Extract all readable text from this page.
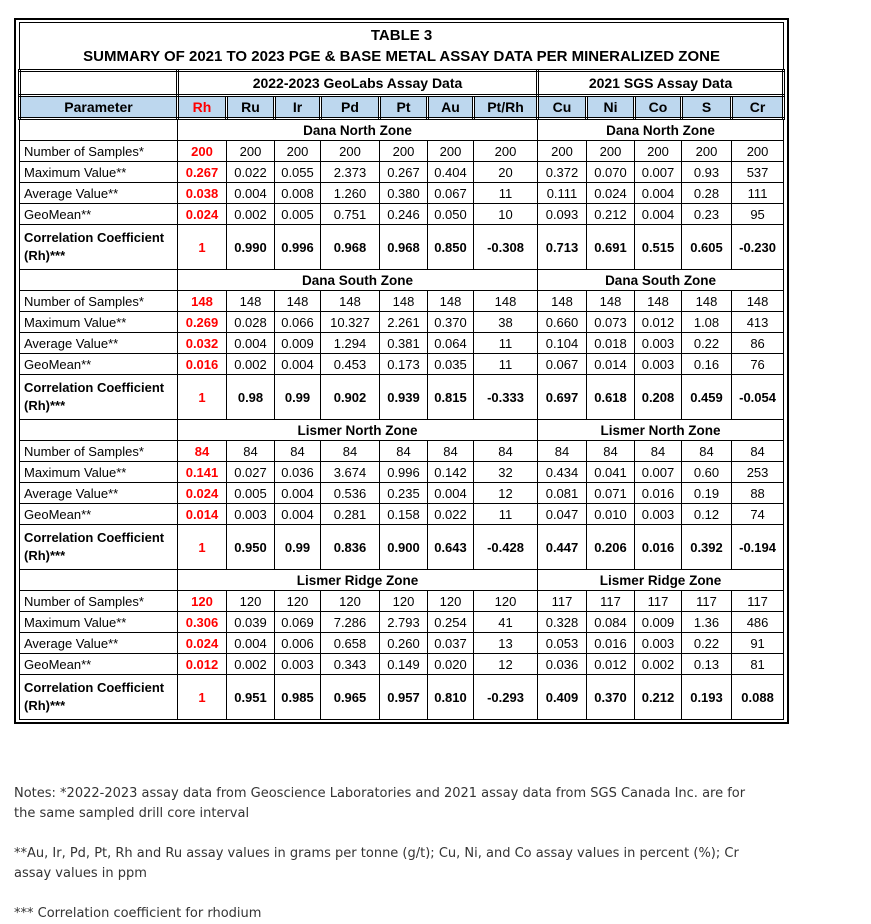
TABLE 3
SUMMARY OF 2021 TO 2023 PGE & BASE METAL ASSAY DATA PER MINERALIZED ZONE												

	2022-2023 GeoLabs Assay Data							2021 SGS Assay Data				
Parameter	Rh	Ru	Ir	Pd	Pt	Au	Pt/Rh	Cu	Ni	Co	S	Cr
	Dana North Zone							Dana North Zone				
Number of Samples*	200	200	200	200	200	200	200	200	200	200	200	200
Maximum Value**	0.267	0.022	0.055	2.373	0.267	0.404	20	0.372	0.070	0.007	0.93	537
Average Value**	0.038	0.004	0.008	1.260	0.380	0.067	11	0.111	0.024	0.004	0.28	111
GeoMean**	0.024	0.002	0.005	0.751	0.246	0.050	10	0.093	0.212	0.004	0.23	95
Correlation Coefficient (Rh)***	1	0.990	0.996	0.968	0.968	0.850	-0.308	0.713	0.691	0.515	0.605	-0.230
	Dana South Zone							Dana South Zone				
Number of Samples*	148	148	148	148	148	148	148	148	148	148	148	148
Maximum Value**	0.269	0.028	0.066	10.327	2.261	0.370	38	0.660	0.073	0.012	1.08	413
Average Value**	0.032	0.004	0.009	1.294	0.381	0.064	11	0.104	0.018	0.003	0.22	86
GeoMean**	0.016	0.002	0.004	0.453	0.173	0.035	11	0.067	0.014	0.003	0.16	76
Correlation Coefficient (Rh)***	1	0.98	0.99	0.902	0.939	0.815	-0.333	0.697	0.618	0.208	0.459	-0.054
	Lismer North Zone							Lismer North Zone				
Number of Samples*	84	84	84	84	84	84	84	84	84	84	84	84
Maximum Value**	0.141	0.027	0.036	3.674	0.996	0.142	32	0.434	0.041	0.007	0.60	253
Average Value**	0.024	0.005	0.004	0.536	0.235	0.004	12	0.081	0.071	0.016	0.19	88
GeoMean**	0.014	0.003	0.004	0.281	0.158	0.022	11	0.047	0.010	0.003	0.12	74
Correlation Coefficient (Rh)***	1	0.950	0.99	0.836	0.900	0.643	-0.428	0.447	0.206	0.016	0.392	-0.194
	Lismer Ridge Zone							Lismer Ridge Zone				
Number of Samples*	120	120	120	120	120	120	120	117	117	117	117	117
Maximum Value**	0.306	0.039	0.069	7.286	2.793	0.254	41	0.328	0.084	0.009	1.36	486
Average Value**	0.024	0.004	0.006	0.658	0.260	0.037	13	0.053	0.016	0.003	0.22	91
GeoMean**	0.012	0.002	0.003	0.343	0.149	0.020	12	0.036	0.012	0.002	0.13	81
Correlation Coefficient (Rh)***	1	0.951	0.985	0.965	0.957	0.810	-0.293	0.409	0.370	0.212	0.193	0.088

Notes: *2022-2023 assay data from Geoscience Laboratories and 2021 assay data from SGS Canada Inc. are for the same sampled drill core interval

**Au, Ir, Pd, Pt, Rh and Ru assay values in grams per tonne (g/t); Cu, Ni, and Co assay values in percent (%); Cr assay values in ppm

*** Correlation coefficient for rhodium
